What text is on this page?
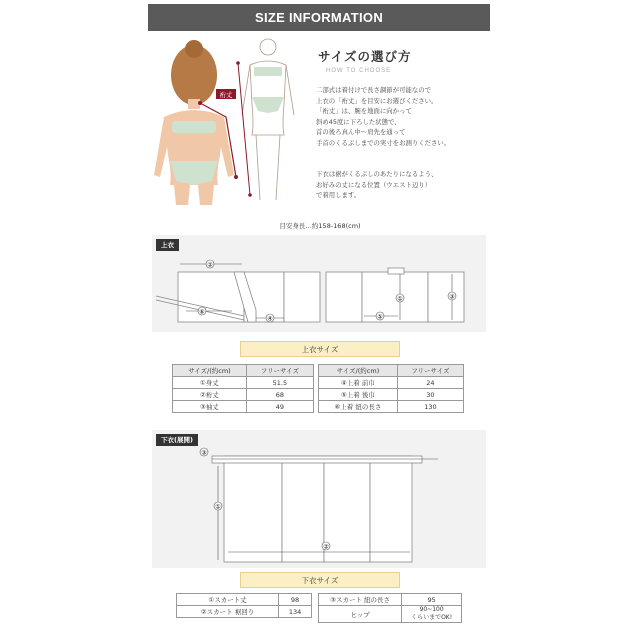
SIZE INFORMATION
裄丈
サイズの選び方
HOW TO CHOOSE
二部式は着付けで長さ調節が可能なので
上衣の「裄丈」を目安にお選びください。
「裄丈」は、腕を地面に向かって
斜め45度に下ろした状態で、
首の後ろ真ん中～肩先を通って
手首のくるぶしまでの実寸をお測りください。
下衣は裾がくるぶしのあたりになるよう、
お好みの丈になる位置（ウエスト辺り）
で着用します。
目安身長…約158-168(cm)
上衣
②
⑥
④
①
⑤
③
上衣サイズ
サイズ/(約cm)	フリーサイズ
①身丈	51.5
②裄丈	68
③袖丈	49
サイズ/(約cm)	フリーサイズ
④上着 前巾	24
⑤上着 後巾	30
⑥上着 紐の長さ	130
下衣(展開)
③
①
②
下衣サイズ
①スカート丈	98
②スカート 裾回り	134
③スカート 紐の長さ	95
ヒップ	90~100
くらいまでOK!
